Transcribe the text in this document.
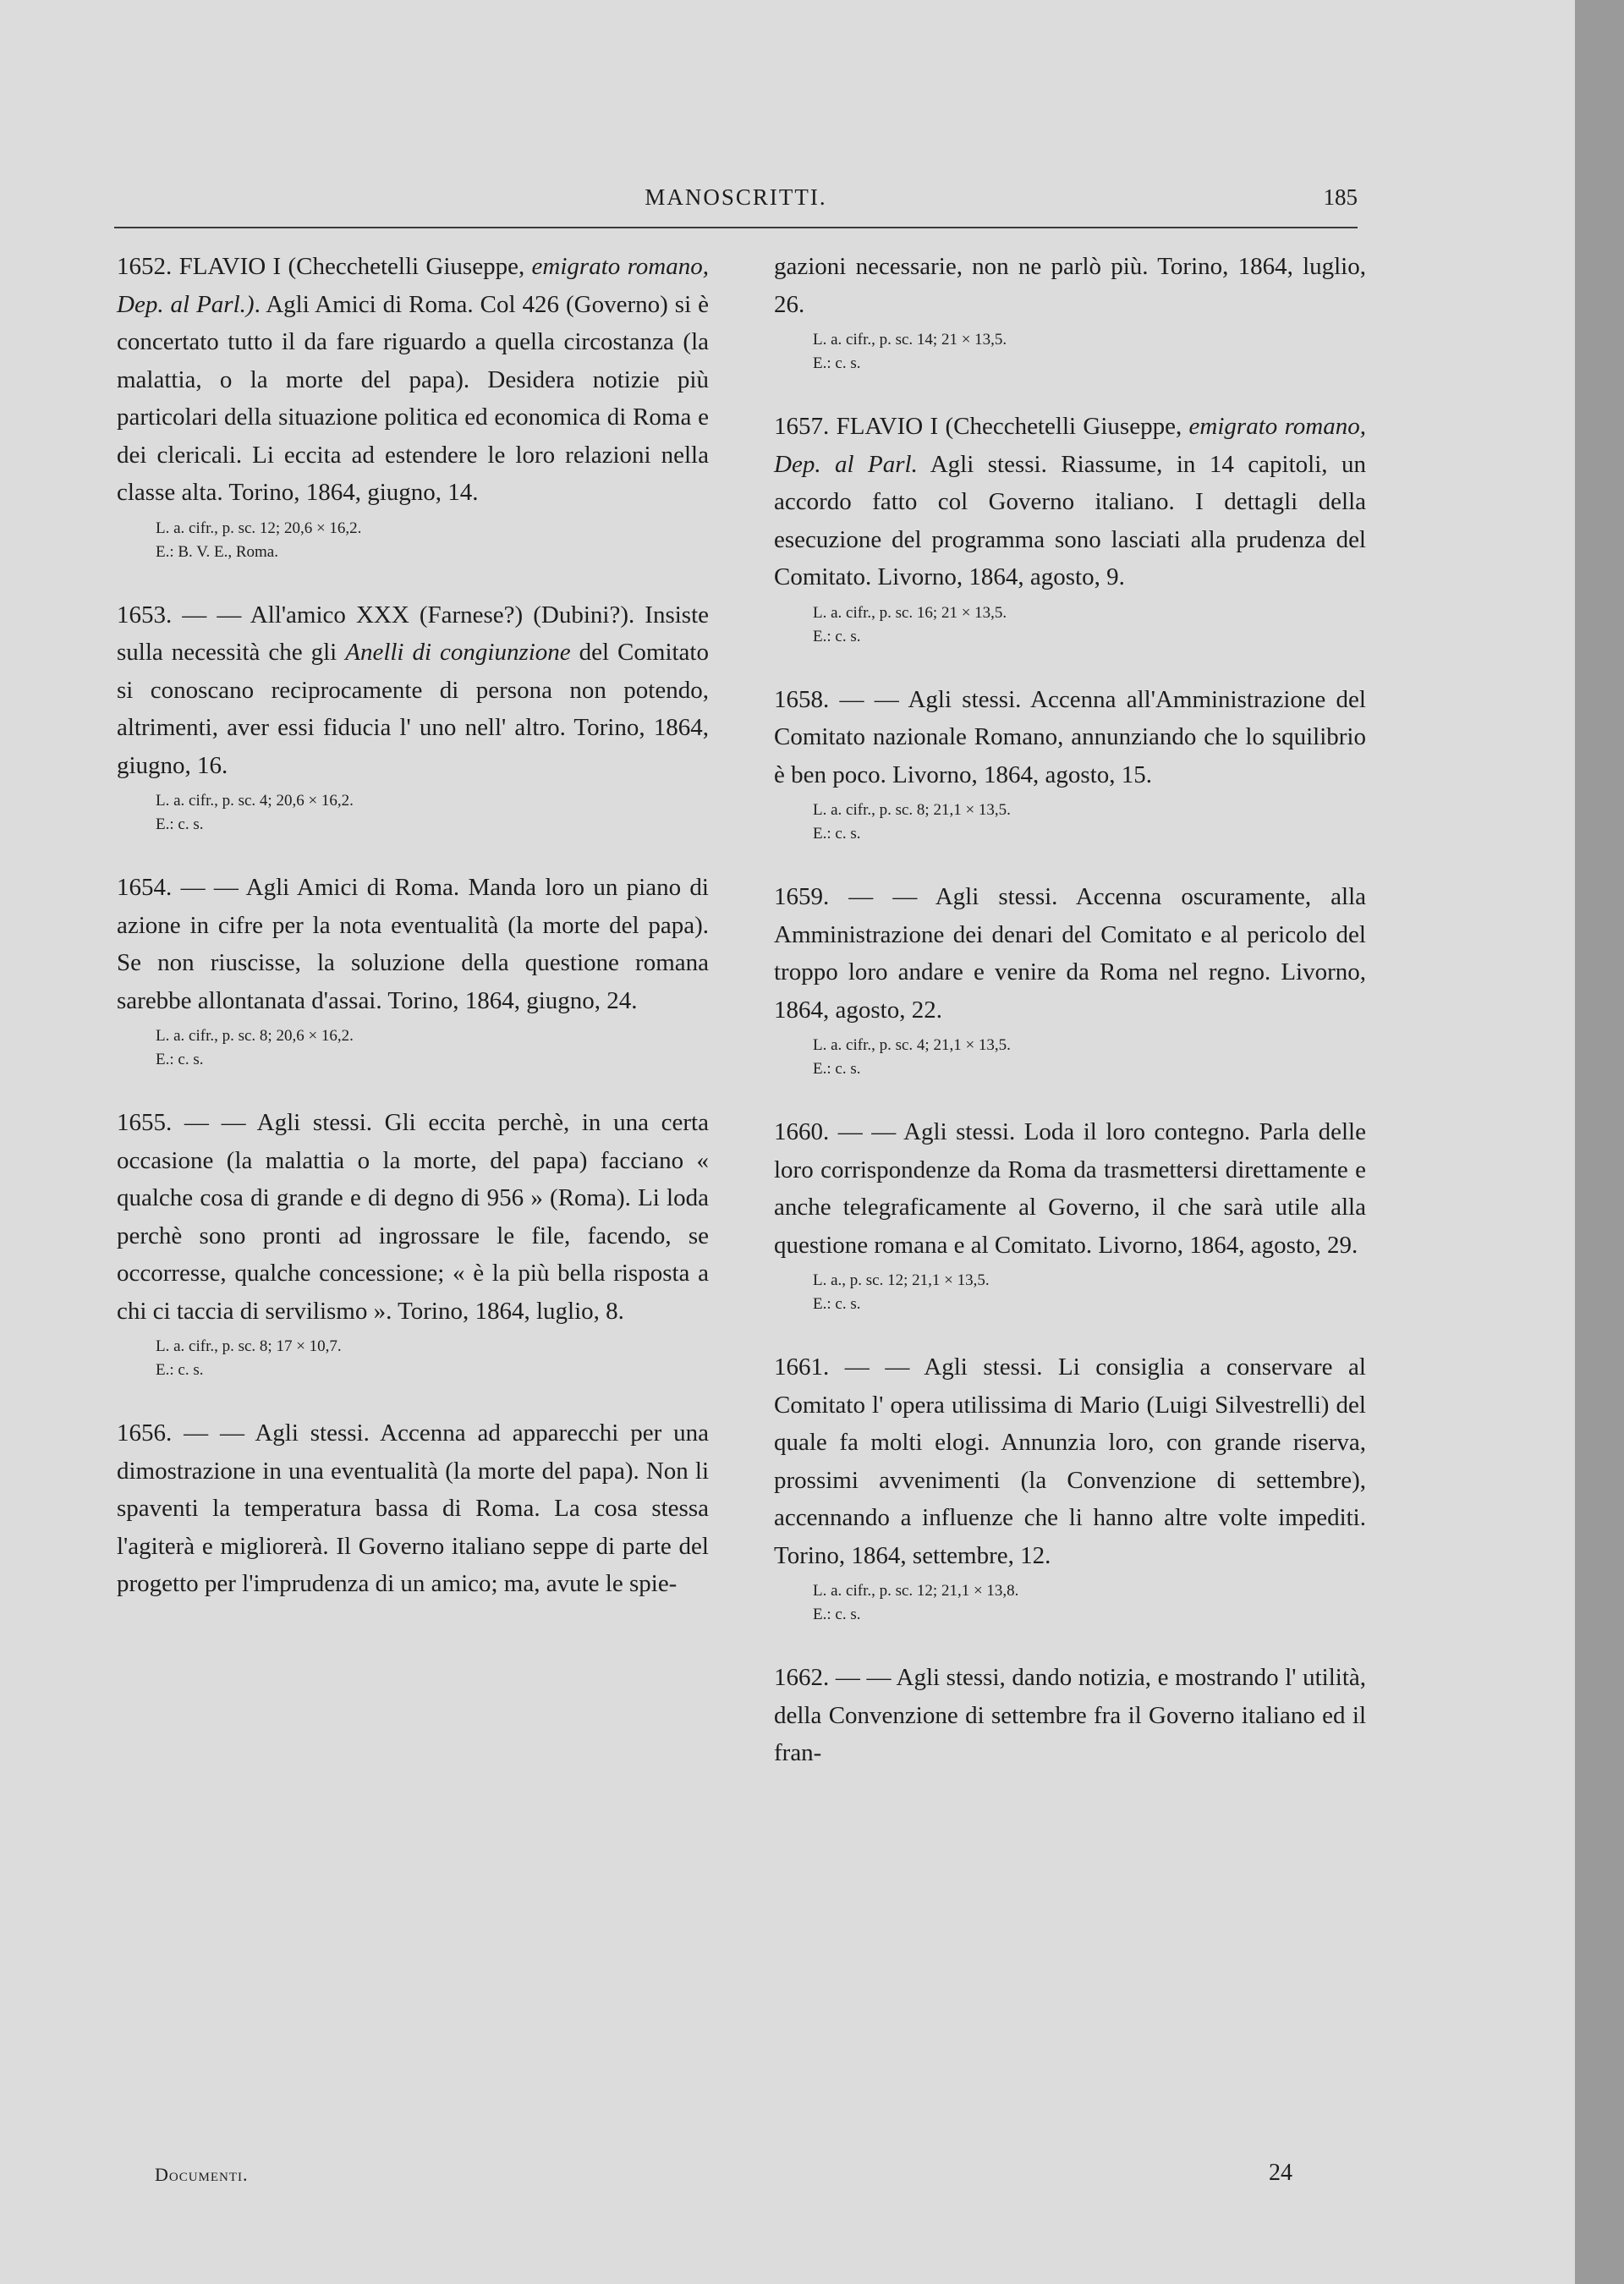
MANOSCRITTI.	185
1652. FLAVIO I (Checchetelli Giuseppe, emigrato romano, Dep. al Parl.). Agli Amici di Roma. Col 426 (Governo) si è concertato tutto il da fare riguardo a quella circostanza (la malattia, o la morte del papa). Desidera notizie più particolari della situazione politica ed economica di Roma e dei clericali. Li eccita ad estendere le loro relazioni nella classe alta. Torino, 1864, giugno, 14.
L. a. cifr., p. sc. 12; 20,6 × 16,2.
E.: B. V. E., Roma.
1653. — — All'amico XXX (Farnese?) (Dubini?). Insiste sulla necessità che gli Anelli di congiunzione del Comitato si conoscano reciprocamente di persona non potendo, altrimenti, aver essi fiducia l' uno nell' altro. Torino, 1864, giugno, 16.
L. a. cifr., p. sc. 4; 20,6 × 16,2.
E.: c. s.
1654. — — Agli Amici di Roma. Manda loro un piano di azione in cifre per la nota eventualità (la morte del papa). Se non riuscisse, la soluzione della questione romana sarebbe allontanata d'assai. Torino, 1864, giugno, 24.
L. a. cifr., p. sc. 8; 20,6 × 16,2.
E.: c. s.
1655. — — Agli stessi. Gli eccita perchè, in una certa occasione (la malattia o la morte, del papa) facciano « qualche cosa di grande e di degno di 956 » (Roma). Li loda perchè sono pronti ad ingrossare le file, facendo, se occorresse, qualche concessione; « è la più bella risposta a chi ci taccia di servilismo ». Torino, 1864, luglio, 8.
L. a. cifr., p. sc. 8; 17 × 10,7.
E.: c. s.
1656. — — Agli stessi. Accenna ad apparecchi per una dimostrazione in una eventualità (la morte del papa). Non li spaventi la temperatura bassa di Roma. La cosa stessa l'agiterà e migliorerà. Il Governo italiano seppe di parte del progetto per l'imprudenza di un amico; ma, avute le spie-
gazioni necessarie, non ne parlò più. Torino, 1864, luglio, 26.
L. a. cifr., p. sc. 14; 21 × 13,5.
E.: c. s.
1657. FLAVIO I (Checchetelli Giuseppe, emigrato romano, Dep. al Parl. Agli stessi. Riassume, in 14 capitoli, un accordo fatto col Governo italiano. I dettagli della esecuzione del programma sono lasciati alla prudenza del Comitato. Livorno, 1864, agosto, 9.
L. a. cifr., p. sc. 16; 21 × 13,5.
E.: c. s.
1658. — — Agli stessi. Accenna all'Amministrazione del Comitato nazionale Romano, annunziando che lo squilibrio è ben poco. Livorno, 1864, agosto, 15.
L. a. cifr., p. sc. 8; 21,1 × 13,5.
E.: c. s.
1659. — — Agli stessi. Accenna oscuramente, alla Amministrazione dei denari del Comitato e al pericolo del troppo loro andare e venire da Roma nel regno. Livorno, 1864, agosto, 22.
L. a. cifr., p. sc. 4; 21,1 × 13,5.
E.: c. s.
1660. — — Agli stessi. Loda il loro contegno. Parla delle loro corrispondenze da Roma da trasmettersi direttamente e anche telegraficamente al Governo, il che sarà utile alla questione romana e al Comitato. Livorno, 1864, agosto, 29.
L. a., p. sc. 12; 21,1 × 13,5.
E.: c. s.
1661. — — Agli stessi. Li consiglia a conservare al Comitato l' opera utilissima di Mario (Luigi Silvestrelli) del quale fa molti elogi. Annunzia loro, con grande riserva, prossimi avvenimenti (la Convenzione di settembre), accennando a influenze che li hanno altre volte impediti. Torino, 1864, settembre, 12.
L. a. cifr., p. sc. 12; 21,1 × 13,8.
E.: c. s.
1662. — — Agli stessi, dando notizia, e mostrando l' utilità, della Convenzione di settembre fra il Governo italiano ed il fran-
Documenti.	24
